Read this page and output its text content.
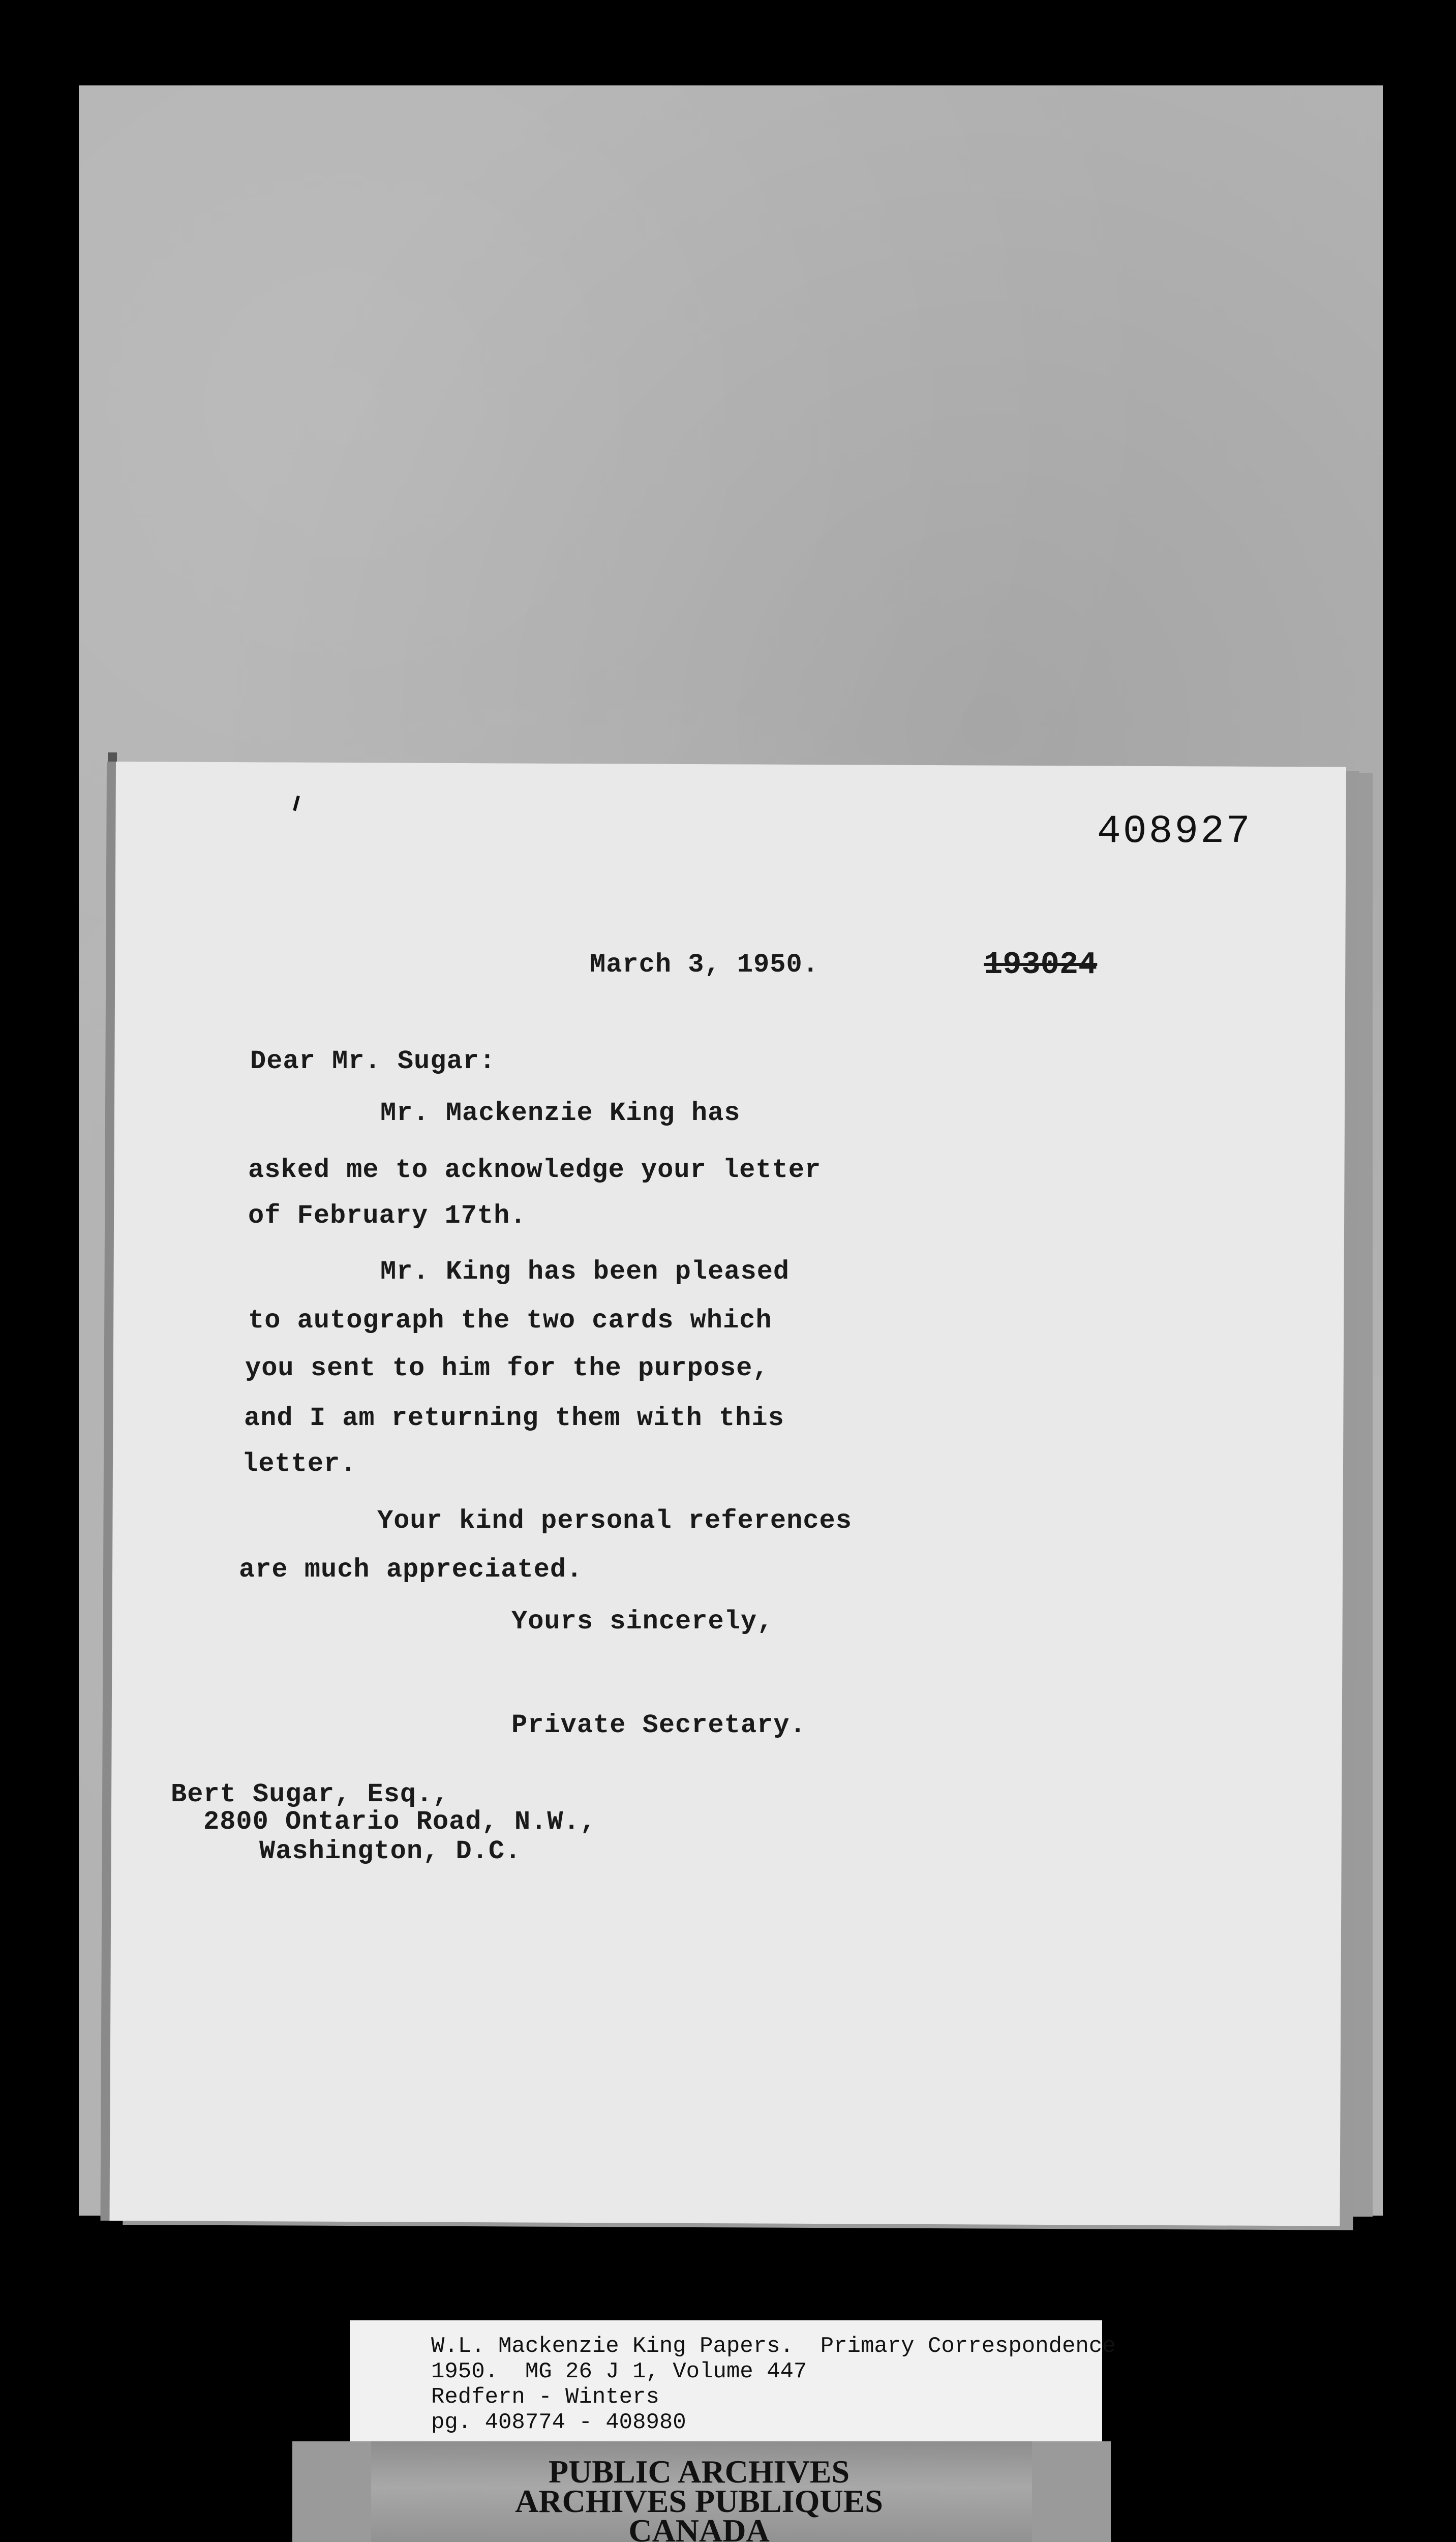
408927
193024
March 3, 1950.
Dear Mr. Sugar:
Mr. Mackenzie King has
asked me to acknowledge your letter
of February 17th.
Mr. King has been pleased
to autograph the two cards which
you sent to him for the purpose,
and I am returning them with this
letter.
Your kind personal references
are much appreciated.
Yours sincerely,
Private Secretary.
Bert Sugar, Esq.,
2800 Ontario Road, N.W.,
Washington, D.C.
W.L. Mackenzie King Papers.  Primary Correspondence
1950.  MG 26 J 1, Volume 447
Redfern - Winters
pg. 408774 - 408980
PUBLIC ARCHIVES
ARCHIVES PUBLIQUES
CANADA
